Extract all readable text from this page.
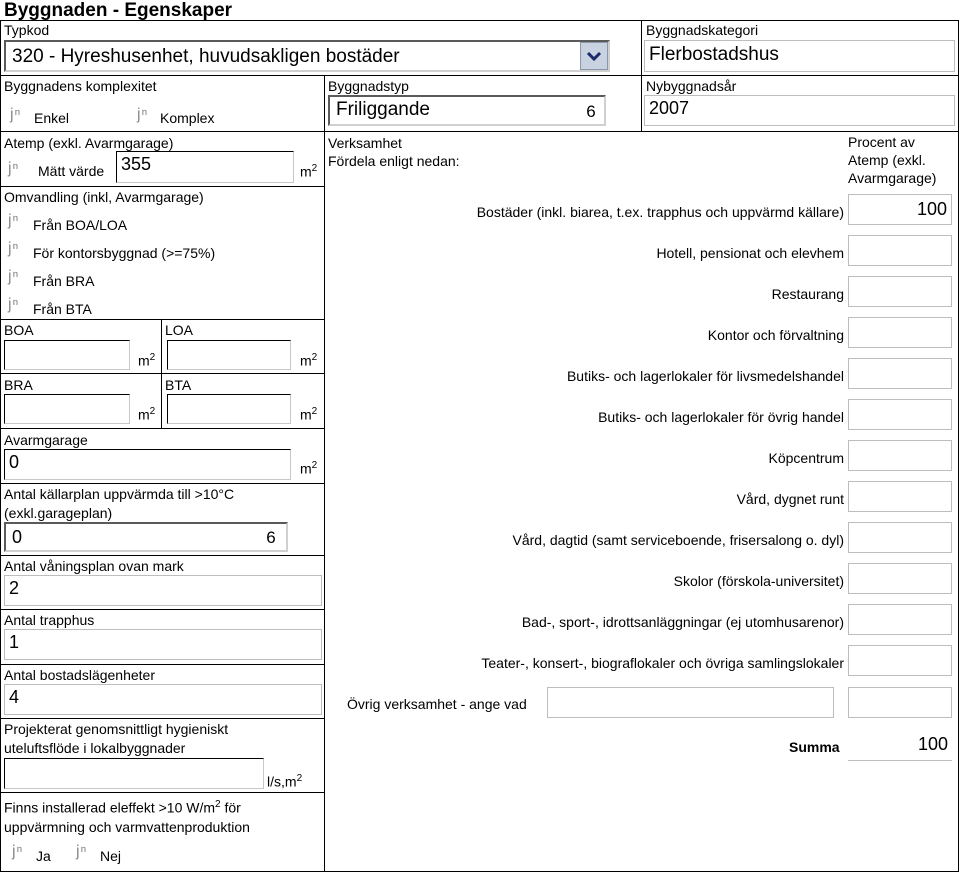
Byggnaden - Egenskaper
Typkod
320 - Hyreshusenhet, huvudsakligen bostäder
Byggnadskategori
Flerbostadshus
Byggnadens komplexitet
jⁿ Enkel	jⁿ Komplex
Byggnadstyp
Friliggande	6
Nybyggnadsår
2007
Atemp (exkl. Avarmgarage)
jⁿ Mätt värde 355	$m^2$
Omvandling (inkl, Avarmgarage)
jⁿ Från BOA/LOA
jⁿ För kontorsbyggnad (>=75%)
jⁿ Från BRA
jⁿ Från BTA
BOA	LOA
$m^2$	$m^2$
BRA	BTA
$m^2$	$m^2$
Avarmgarage
0	$m^2$
Antal källarplan uppvärmda till >10°C
(exkl.garageplan)
0	6
Antal våningsplan ovan mark
2
Antal trapphus
1
Antal bostadslägenheter
4
Projekterat genomsnittligt hygieniskt
uteluftsflöde i lokalbyggnader
$l/s,m^2$
Finns installerad eleffekt >10 $W/m^2$ för
uppvärmning och varmvattenproduktion
jⁿ Ja jⁿ Nej
Verksamhet
Fördela enligt nedan:
Procent av
Atemp (exkl.
Avarmgarage)
Bostäder (inkl. biarea, t.ex. trapphus och uppvärmd källare)	100
Hotell, pensionat och elevhem
Restaurang
Kontor och förvaltning
Butiks- och lagerlokaler för livsmedelshandel
Butiks- och lagerlokaler för övrig handel
Köpcentrum
Vård, dygnet runt
Vård, dagtid (samt serviceboende, frisersalong o. dyl)
Skolor (förskola-universitet)
Bad-, sport-, idrottsanläggningar (ej utomhusarenor)
Teater-, konsert-, biograflokaler och övriga samlingslokaler
Övrig verksamhet - ange vad
Summa	100
